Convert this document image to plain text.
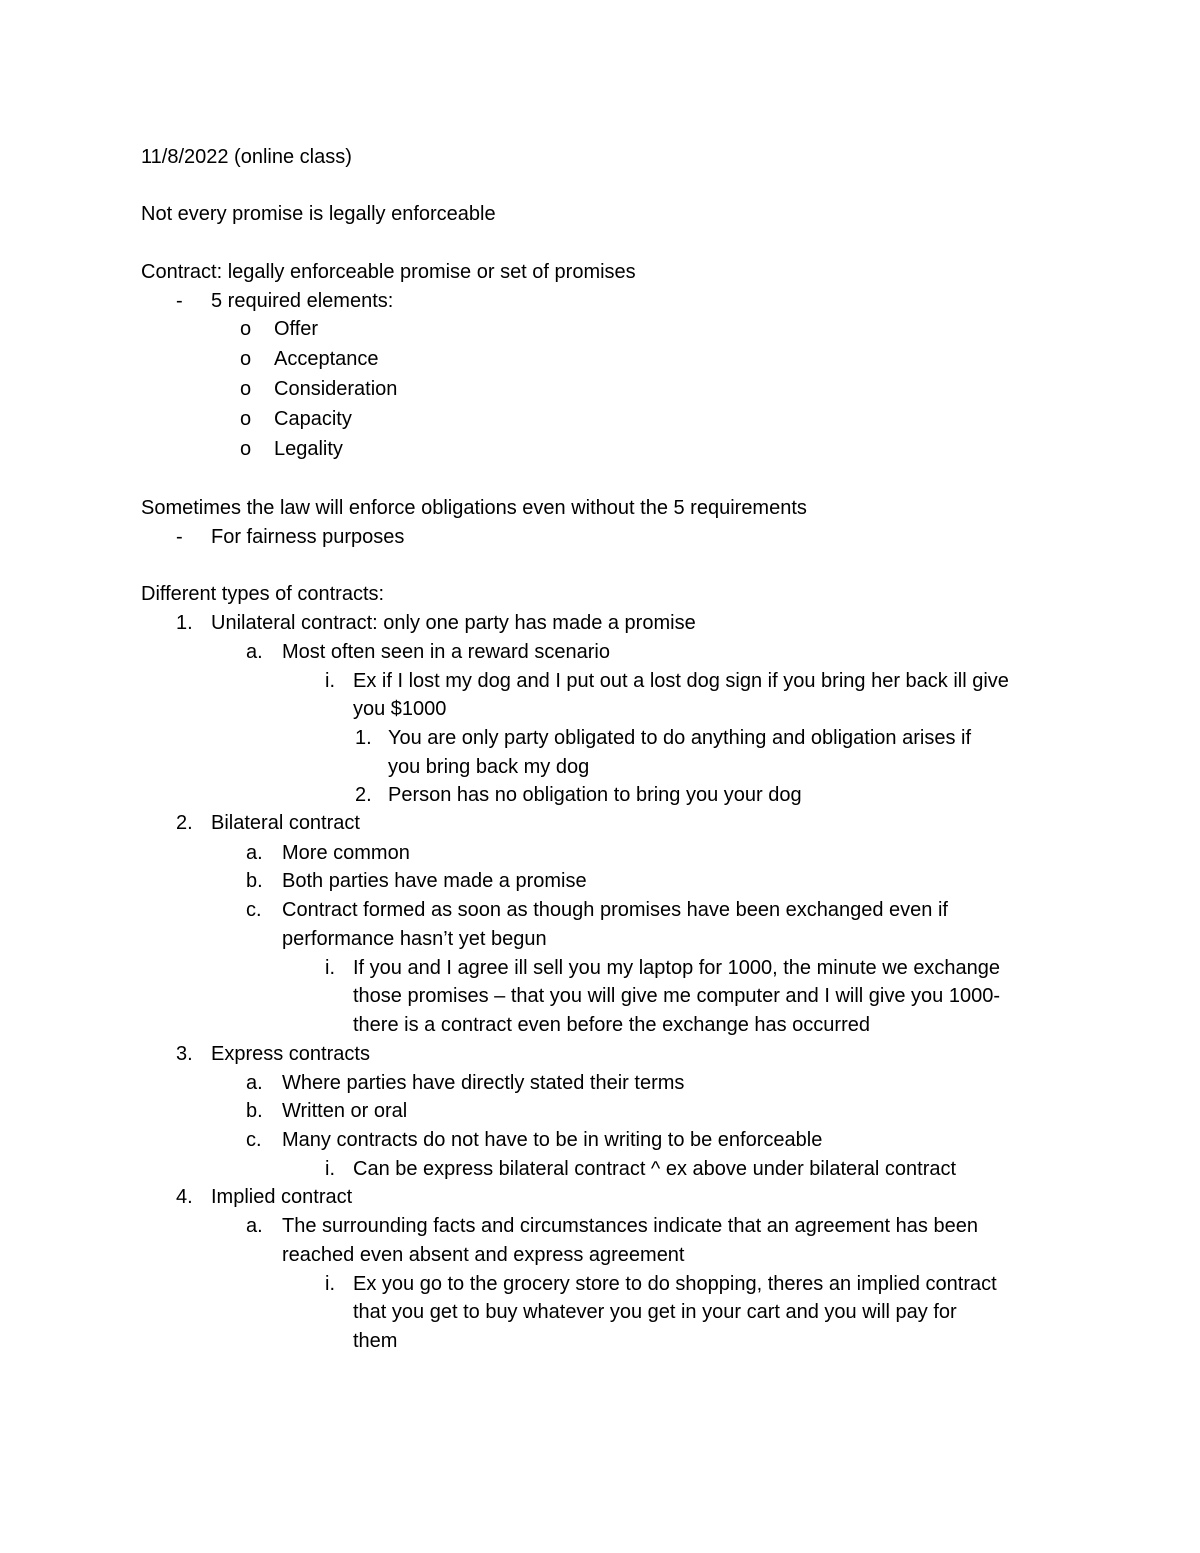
11/8/2022 (online class)
Not every promise is legally enforceable
Contract: legally enforceable promise or set of promises
- 5 required elements:
o Offer
o Acceptance
o Consideration
o Capacity
o Legality
Sometimes the law will enforce obligations even without the 5 requirements
- For fairness purposes
Different types of contracts:
1. Unilateral contract: only one party has made a promise
a. Most often seen in a reward scenario
i. Ex if I lost my dog and I put out a lost dog sign if you bring her back ill give
you $1000
1. You are only party obligated to do anything and obligation arises if
you bring back my dog
2. Person has no obligation to bring you your dog
2. Bilateral contract
a. More common
b. Both parties have made a promise
c. Contract formed as soon as though promises have been exchanged even if
performance hasn’t yet begun
i. If you and I agree ill sell you my laptop for 1000, the minute we exchange
those promises – that you will give me computer and I will give you 1000-
there is a contract even before the exchange has occurred
3. Express contracts
a. Where parties have directly stated their terms
b. Written or oral
c. Many contracts do not have to be in writing to be enforceable
i. Can be express bilateral contract ^ ex above under bilateral contract
4. Implied contract
a. The surrounding facts and circumstances indicate that an agreement has been
reached even absent and express agreement
i. Ex you go to the grocery store to do shopping, theres an implied contract
that you get to buy whatever you get in your cart and you will pay for
them
